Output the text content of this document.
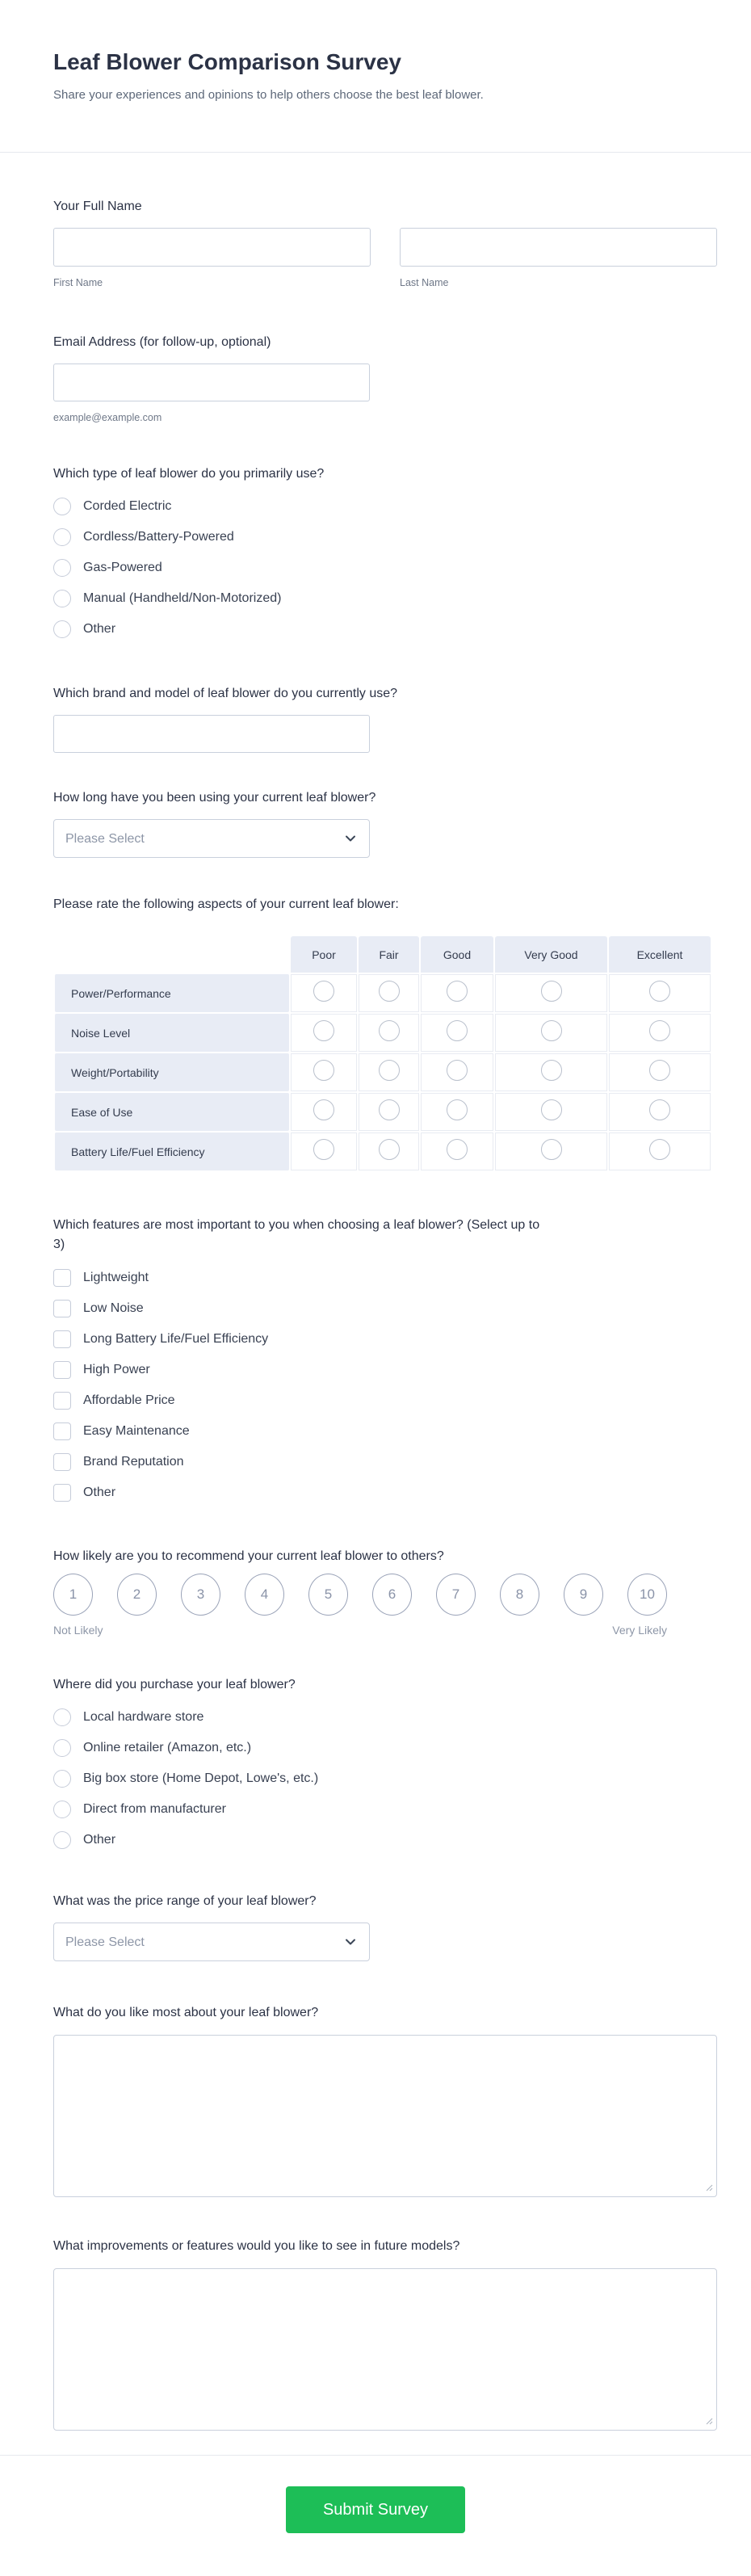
Leaf Blower Comparison Survey
Share your experiences and opinions to help others choose the best leaf blower.
Your Full Name
First Name	Last Name
Email Address (for follow-up, optional)
example@example.com
Which type of leaf blower do you primarily use?
Corded Electric
Cordless/Battery-Powered
Gas-Powered
Manual (Handheld/Non-Motorized)
Other
Which brand and model of leaf blower do you currently use?
How long have you been using your current leaf blower?
Please Select
Please rate the following aspects of your current leaf blower:
	Poor	Fair	Good	Very Good	Excellent
Power/Performance					
Noise Level					
Weight/Portability					
Ease of Use					
Battery Life/Fuel Efficiency					
Which features are most important to you when choosing a leaf blower? (Select up to 3)
Lightweight
Low Noise
Long Battery Life/Fuel Efficiency
High Power
Affordable Price
Easy Maintenance
Brand Reputation
Other
How likely are you to recommend your current leaf blower to others?
1	2	3	4	5	6	7	8	9	10
Not Likely	Very Likely
Where did you purchase your leaf blower?
Local hardware store
Online retailer (Amazon, etc.)
Big box store (Home Depot, Lowe's, etc.)
Direct from manufacturer
Other
What was the price range of your leaf blower?
Please Select
What do you like most about your leaf blower?
What improvements or features would you like to see in future models?
Submit Survey
